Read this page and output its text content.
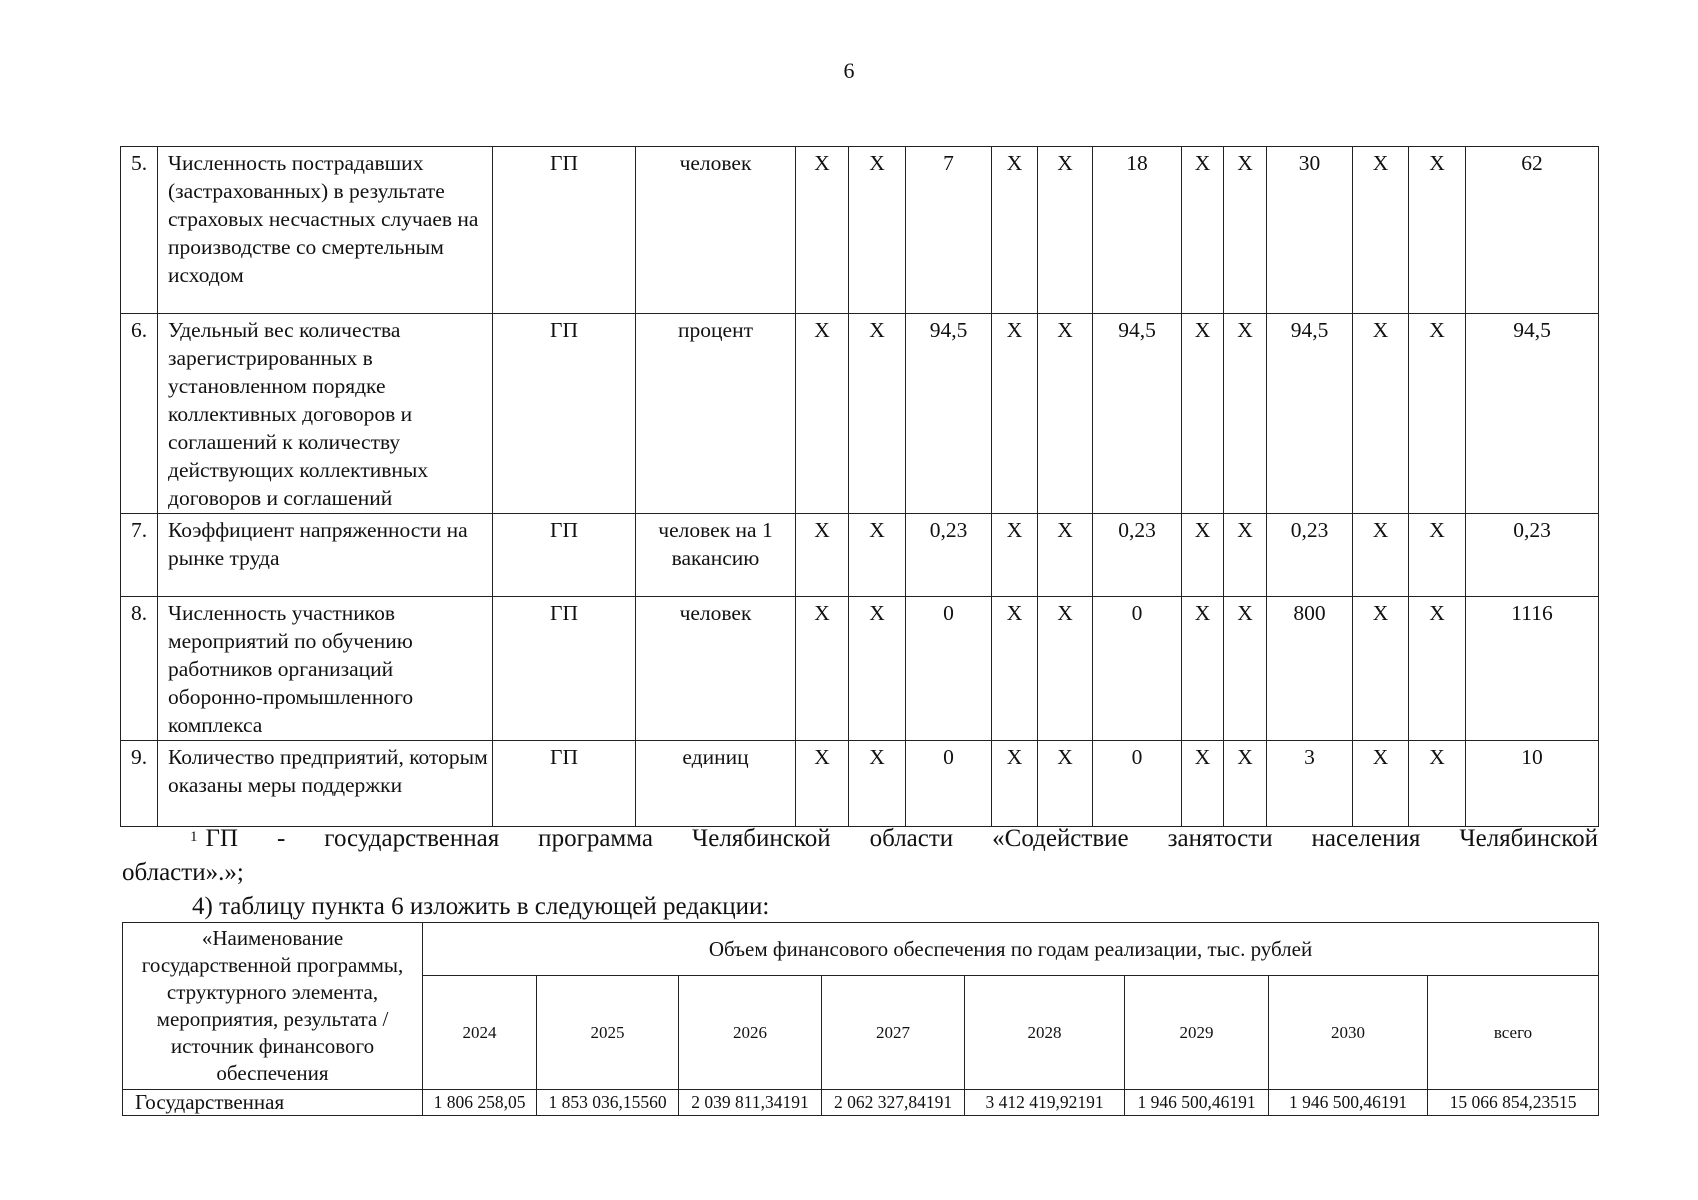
6
5.	Численность пострадавших (застрахованных) в результате страховых несчастных случаев на производстве со смертельным исходом	ГП	человек	X	X	7	X	X	18	X	X	30	X	X	62
6.	Удельный вес количества зарегистрированных в установленном порядке коллективных договоров и соглашений к количеству действующих коллективных договоров и соглашений	ГП	процент	X	X	94,5	X	X	94,5	X	X	94,5	X	X	94,5
7.	Коэффициент напряженности на рынке труда	ГП	человек на 1 вакансию	X	X	0,23	X	X	0,23	X	X	0,23	X	X	0,23
8.	Численность участников мероприятий по обучению работников организаций оборонно-промышленного комплекса	ГП	человек	X	X	0	X	X	0	X	X	800	X	X	1116
9.	Количество предприятий, которым оказаны меры поддержки	ГП	единиц	X	X	0	X	X	0	X	X	3	X	X	10
$^1$ ГП - государственная программа Челябинской области «Содействие занятости населения Челябинской
области».»;
4) таблицу пункта 6 изложить в следующей редакции:
«Наименование государственной программы, структурного элемента, мероприятия, результата / источник финансового обеспечения	Объем финансового обеспечения по годам реализации, тыс. рублей							
	2024	2025	2026	2027	2028	2029	2030	всего
Государственная	1 806 258,05	1 853 036,15560	2 039 811,34191	2 062 327,84191	3 412 419,92191	1 946 500,46191	1 946 500,46191	15 066 854,23515
